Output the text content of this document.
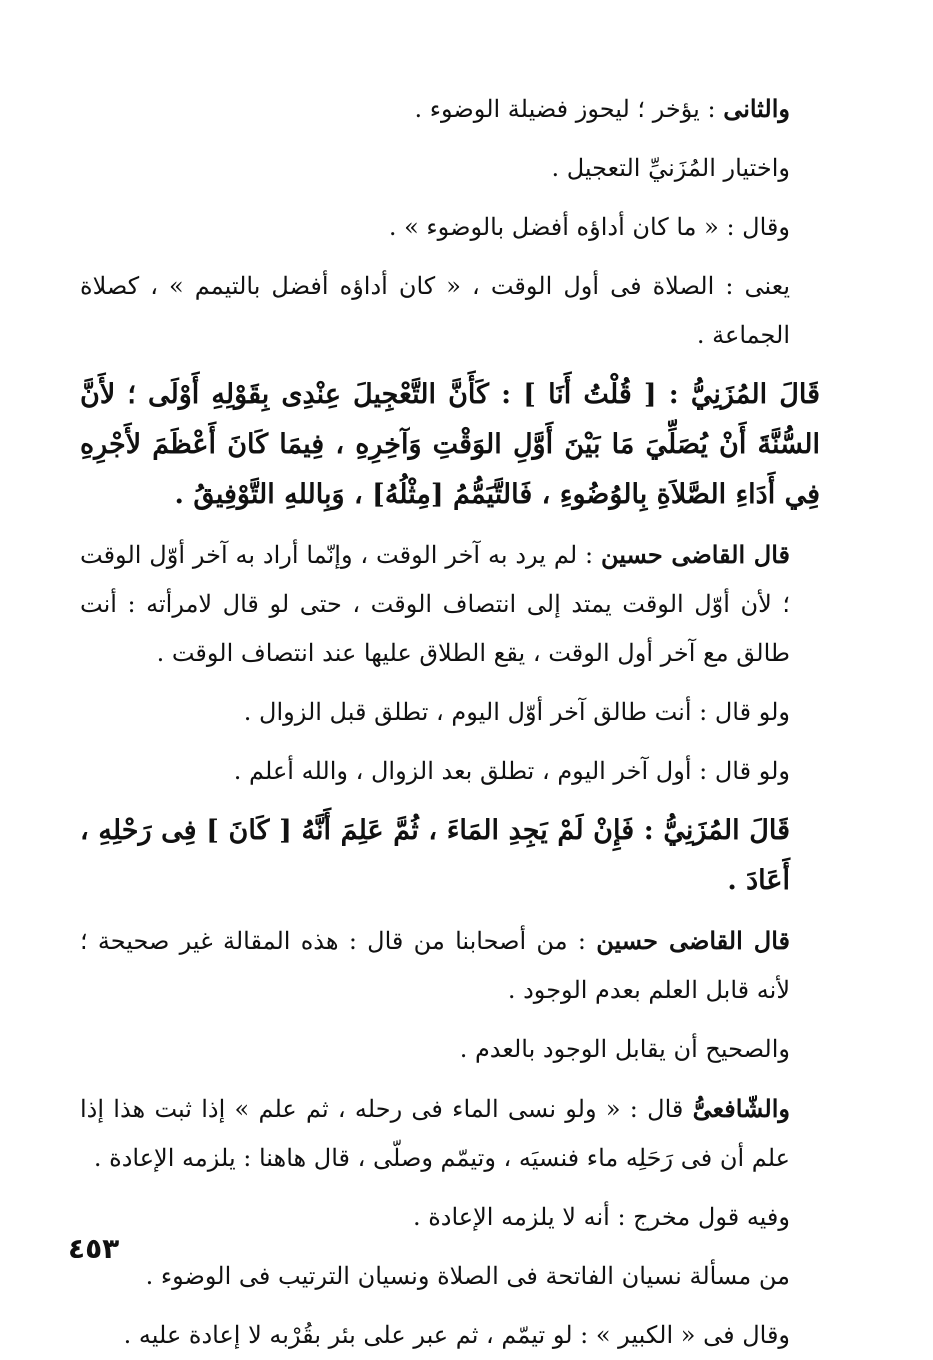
والثانى : يؤخر ؛ ليحوز فضيلة الوضوء .

واختيار المُزَنيِّ التعجيل .

وقال : « ما كان أداؤه أفضل بالوضوء » .

يعنى : الصلاة فى أول الوقت ، « كان أداؤه أفضل بالتيمم » ، كصلاة الجماعة .

قَالَ المُزَنِيُّ : [ قُلْتُ أَنَا ] : كَأَنَّ التَّعْجِيلَ عِنْدِى بِقَوْلِهِ أَوْلَى ؛ لأَنَّ السُّنَّةَ أَنْ يُصَلِّيَ مَا بَيْنَ أَوَّلِ الوَقْتِ وَآخِرِهِ ، فِيمَا كَانَ أَعْظَمَ لأَجْرِهِ فِي أَدَاءِ الصَّلاَةِ بِالوُضُوءِ ، فَالتَّيَمُّمُ [مِثْلُهُ] ، وَبِاللهِ التَّوْفِيقُ .

قال القاضى حسين : لم يرد به آخر الوقت ، وإنّما أراد به آخر أوّل الوقت ؛ لأن أوّل الوقت يمتد إلى انتصاف الوقت ، حتى لو قال لامرأته : أنت طالق مع آخر أول الوقت ، يقع الطلاق عليها عند انتصاف الوقت .

ولو قال : أنت طالق آخر أوّل اليوم ، تطلق قبل الزوال .

ولو قال : أول آخر اليوم ، تطلق بعد الزوال ، والله أعلم .

قَالَ المُزَنِيُّ : فَإِنْ لَمْ يَجِدِ المَاءَ ، ثُمَّ عَلِمَ أَنَّهُ [ كَانَ ] فِى رَحْلِهِ ، أَعَادَ .

قال القاضى حسين : من أصحابنا من قال : هذه المقالة غير صحيحة ؛ لأنه قابل العلم بعدم الوجود .

والصحيح أن يقابل الوجود بالعدم .

والشّافعىُّ قال : « ولو نسى الماء فى رحله ، ثم علم » إذا ثبت هذا إذا علم أن فى رَحَلِه ماء فنسيَه ، وتيمّم وصلّى ، قال هاهنا : يلزمه الإعادة .

وفيه قول مخرج : أنه لا يلزمه الإعادة .

من مسألة نسيان الفاتحة فى الصلاة ونسيان الترتيب فى الوضوء .

وقال فى « الكبير » : لو تيمّم ، ثم عبر على بئر بقُرْبه لا إعادة عليه .

٤٥٣
